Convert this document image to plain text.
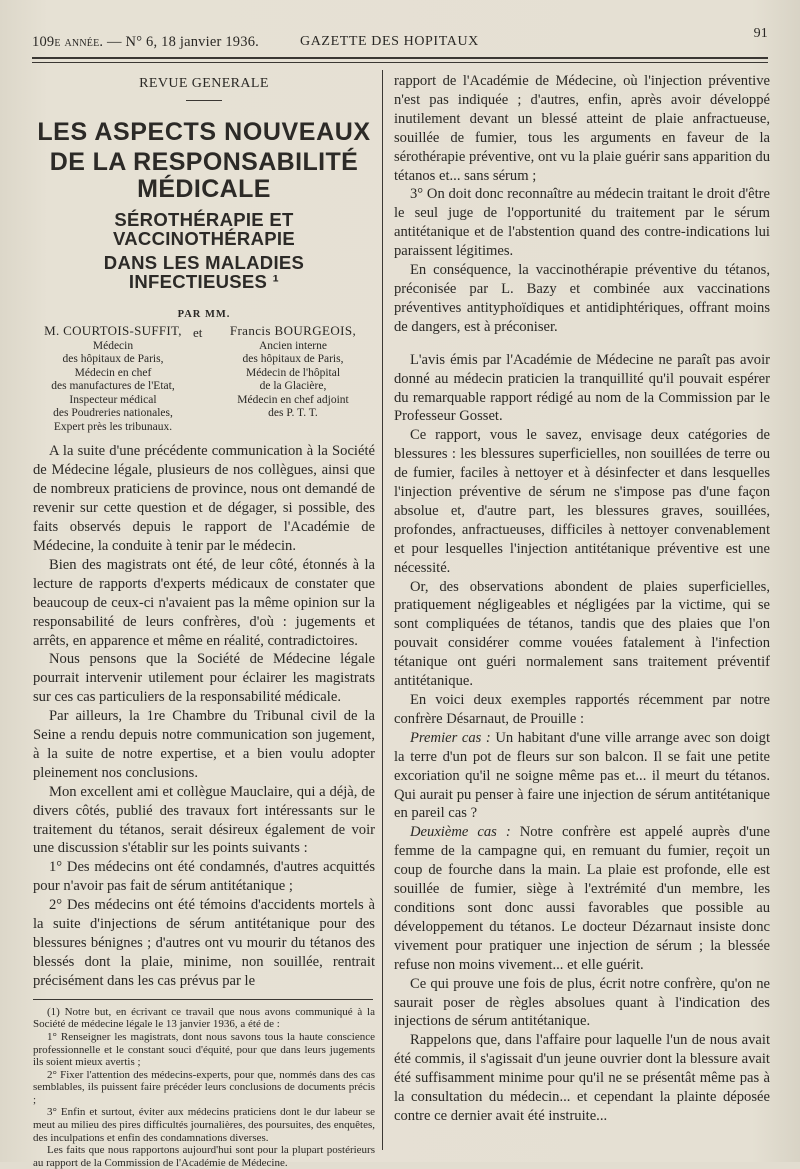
109e année. — N° 6, 18 janvier 1936.	GAZETTE DES HOPITAUX
91
REVUE GENERALE
LES ASPECTS NOUVEAUX
DE LA RESPONSABILITÉ MÉDICALE
SÉROTHÉRAPIE ET VACCINOTHÉRAPIE
DANS LES MALADIES INFECTIEUSES ¹
PAR MM.
M. COURTOIS-SUFFIT,
Médecin
des hôpitaux de Paris,
Médecin en chef
des manufactures de l'Etat,
Inspecteur médical
des Poudreries nationales,
Expert près les tribunaux.
et	Francis BOURGEOIS,
Ancien interne
des hôpitaux de Paris,
Médecin de l'hôpital
de la Glacière,
Médecin en chef adjoint
des P. T. T.

A la suite d'une précédente communication à la Société de Médecine légale, plusieurs de nos collègues, ainsi que de nombreux praticiens de province, nous ont demandé de revenir sur cette question et de dégager, si possible, des faits observés depuis le rapport de l'Académie de Médecine, la conduite à tenir par le médecin.

Bien des magistrats ont été, de leur côté, étonnés à la lecture de rapports d'experts médicaux de constater que beaucoup de ceux-ci n'avaient pas la même opinion sur la responsabilité de leurs confrères, d'où : jugements et arrêts, en apparence et même en réalité, contradictoires.

Nous pensons que la Société de Médecine légale pourrait intervenir utilement pour éclairer les magistrats sur ces cas particuliers de la responsabilité médicale.

Par ailleurs, la 1re Chambre du Tribunal civil de la Seine a rendu depuis notre communication son jugement, à la suite de notre expertise, et a bien voulu adopter pleinement nos conclusions.

Mon excellent ami et collègue Mauclaire, qui a déjà, de divers côtés, publié des travaux fort intéressants sur le traitement du tétanos, serait désireux également de voir une discussion s'établir sur les points suivants :

1° Des médecins ont été condamnés, d'autres acquittés pour n'avoir pas fait de sérum antitétanique ;

2° Des médecins ont été témoins d'accidents mortels à la suite d'injections de sérum antitétanique pour des blessures bénignes ; d'autres ont vu mourir du tétanos des blessés dont la plaie, minime, non souillée, rentrait précisément dans les cas prévus par le

(1) Notre but, en écrivant ce travail que nous avons communiqué à la Société de médecine légale le 13 janvier 1936, a été de :

1° Renseigner les magistrats, dont nous savons tous la haute conscience professionnelle et le constant souci d'équité, pour que dans leurs jugements ils soient mieux avertis ;

2° Fixer l'attention des médecins-experts, pour que, nommés dans des cas semblables, ils puissent faire précéder leurs conclusions de documents précis ;

3° Enfin et surtout, éviter aux médecins praticiens dont le dur labeur se meut au milieu des pires difficultés journalières, des poursuites, des enquêtes, des inculpations et enfin des condamnations diverses.

Les faits que nous rapportons aujourd'hui sont pour la plupart postérieurs au rapport de la Commission de l'Académie de Médecine.

rapport de l'Académie de Médecine, où l'injection préventive n'est pas indiquée ; d'autres, enfin, après avoir développé inutilement devant un blessé atteint de plaie anfractueuse, souillée de fumier, tous les arguments en faveur de la sérothérapie préventive, ont vu la plaie guérir sans apparition du tétanos et... sans sérum ;

3° On doit donc reconnaître au médecin traitant le droit d'être le seul juge de l'opportunité du traitement par le sérum antitétanique et de l'abstention quand des contre-indications lui paraissent légitimes.

En conséquence, la vaccinothérapie préventive du tétanos, préconisée par L. Bazy et combinée aux vaccinations préventives antityphoïdiques et antidiphtériques, offrant moins de dangers, est à préconiser.

L'avis émis par l'Académie de Médecine ne paraît pas avoir donné au médecin praticien la tranquillité qu'il pouvait espérer du remarquable rapport rédigé au nom de la Commission par le Professeur Gosset.

Ce rapport, vous le savez, envisage deux catégories de blessures : les blessures superficielles, non souillées de terre ou de fumier, faciles à nettoyer et à désinfecter et dans lesquelles l'injection préventive de sérum ne s'impose pas d'une façon absolue et, d'autre part, les blessures graves, souillées, profondes, anfractueuses, difficiles à nettoyer convenablement et pour lesquelles l'injection antitétanique préventive est une nécessité.

Or, des observations abondent de plaies superficielles, pratiquement négligeables et négligées par la victime, qui se sont compliquées de tétanos, tandis que des plaies que l'on pouvait considérer comme vouées fatalement à l'infection tétanique ont guéri normalement sans traitement préventif antitétanique.

En voici deux exemples rapportés récemment par notre confrère Désarnaut, de Prouille :

Premier cas : Un habitant d'une ville arrange avec son doigt la terre d'un pot de fleurs sur son balcon. Il se fait une petite excoriation qu'il ne soigne même pas et... il meurt du tétanos. Qui aurait pu penser à faire une injection de sérum antitétanique en pareil cas ?

Deuxième cas : Notre confrère est appelé auprès d'une femme de la campagne qui, en remuant du fumier, reçoit un coup de fourche dans la main. La plaie est profonde, elle est souillée de fumier, siège à l'extrémité d'un membre, les conditions sont donc aussi favorables que possible au développement du tétanos. Le docteur Dézarnaut insiste donc vivement pour pratiquer une injection de sérum ; la blessée refuse non moins vivement... et elle guérit.

Ce qui prouve une fois de plus, écrit notre confrère, qu'on ne saurait poser de règles absolues quant à l'indication des injections de sérum antitétanique.

Rappelons que, dans l'affaire pour laquelle l'un de nous avait été commis, il s'agissait d'un jeune ouvrier dont la blessure avait été suffisamment minime pour qu'il ne se présentât même pas à la consultation du médecin... et cependant la plainte déposée contre ce dernier avait été instruite...
